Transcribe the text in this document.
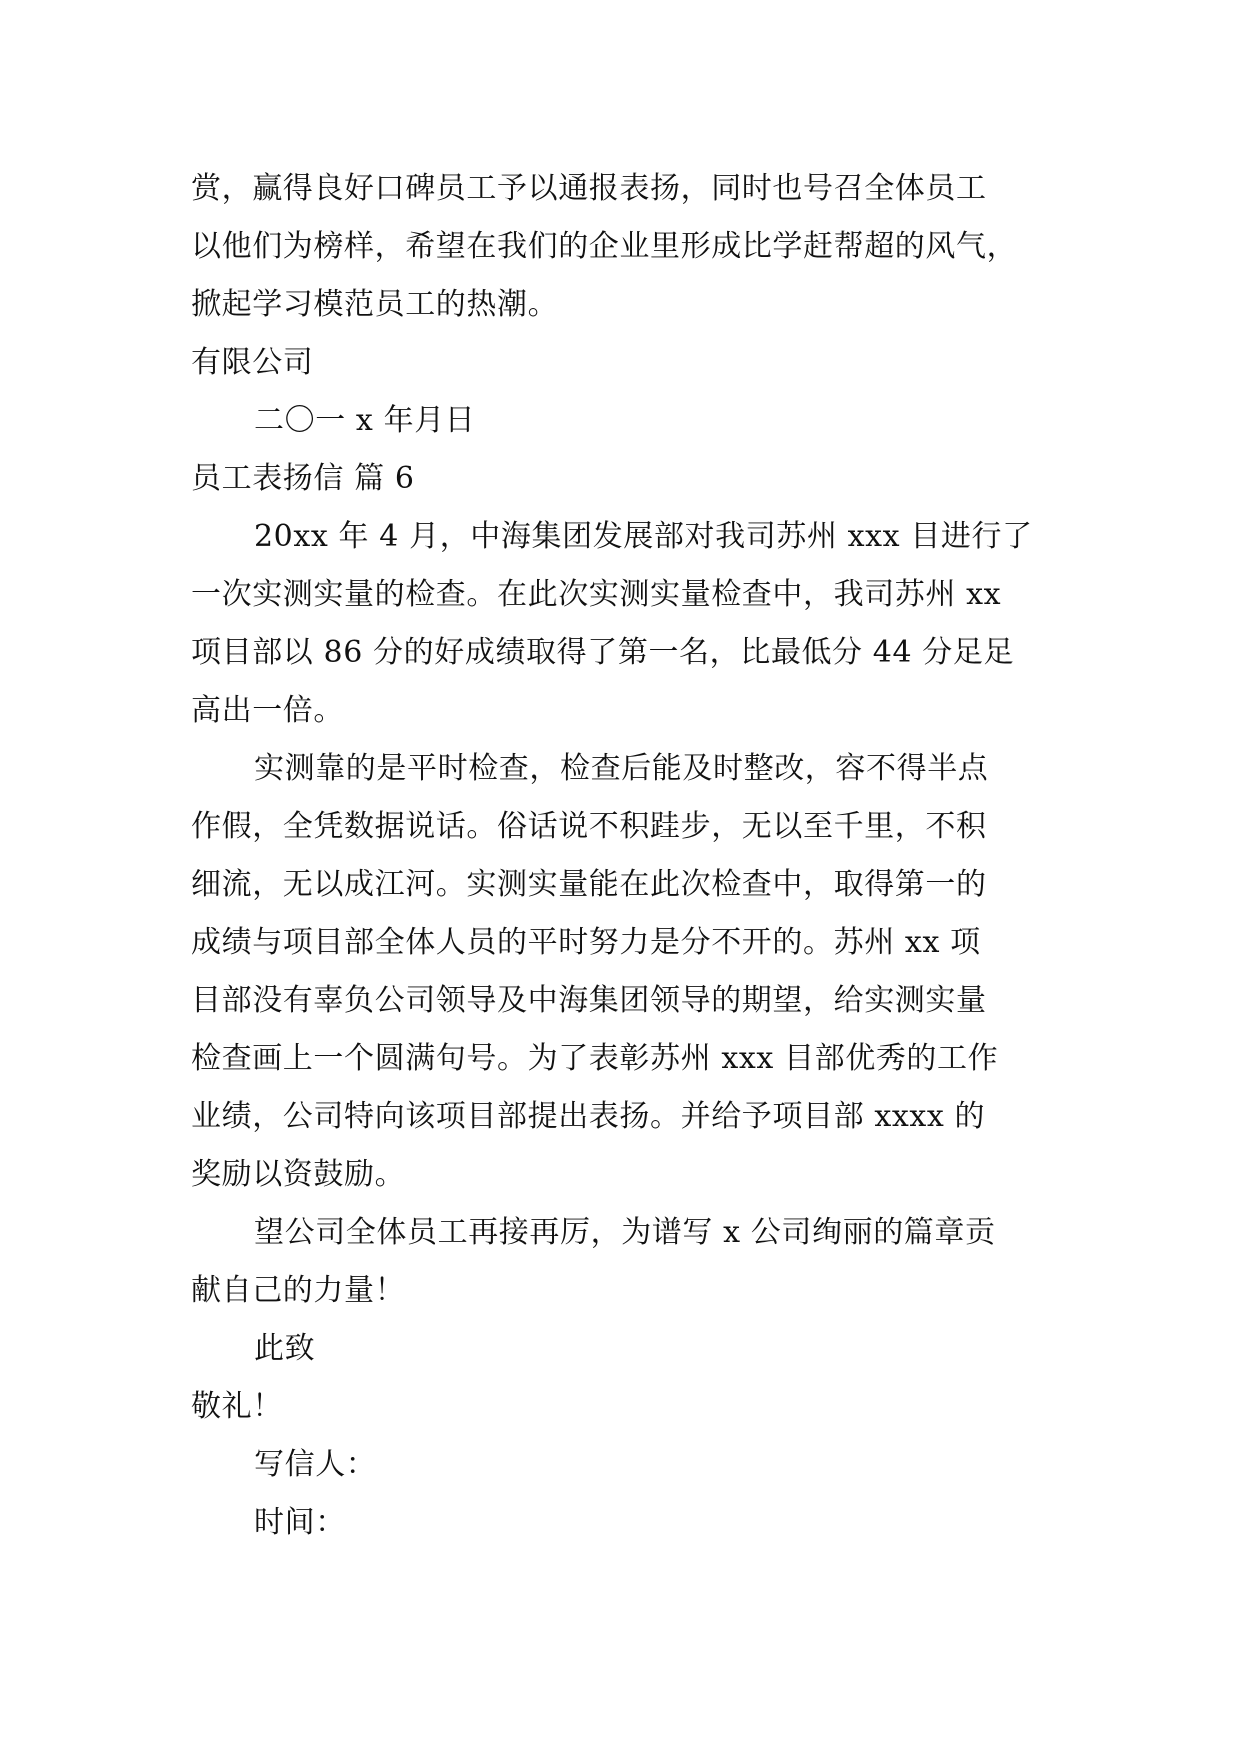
赏，赢得良好口碑员工予以通报表扬，同时也号召全体员工
以他们为榜样，希望在我们的企业里形成比学赶帮超的风气，
掀起学习模范员工的热潮。
有限公司
二〇一 x 年月日
员工表扬信 篇 6
20xx 年 4 月，中海集团发展部对我司苏州 xxx 目进行了
一次实测实量的检查。在此次实测实量检查中，我司苏州 xx
项目部以 86 分的好成绩取得了第一名，比最低分 44 分足足
高出一倍。
实测靠的是平时检查，检查后能及时整改，容不得半点
作假，全凭数据说话。俗话说不积跬步，无以至千里，不积
细流，无以成江河。实测实量能在此次检查中，取得第一的
成绩与项目部全体人员的平时努力是分不开的。苏州 xx 项
目部没有辜负公司领导及中海集团领导的期望，给实测实量
检查画上一个圆满句号。为了表彰苏州 xxx 目部优秀的工作
业绩，公司特向该项目部提出表扬。并给予项目部 xxxx 的
奖励以资鼓励。
望公司全体员工再接再厉，为谱写 x 公司绚丽的篇章贡
献自己的力量！
此致
敬礼！
写信人：
时间：
